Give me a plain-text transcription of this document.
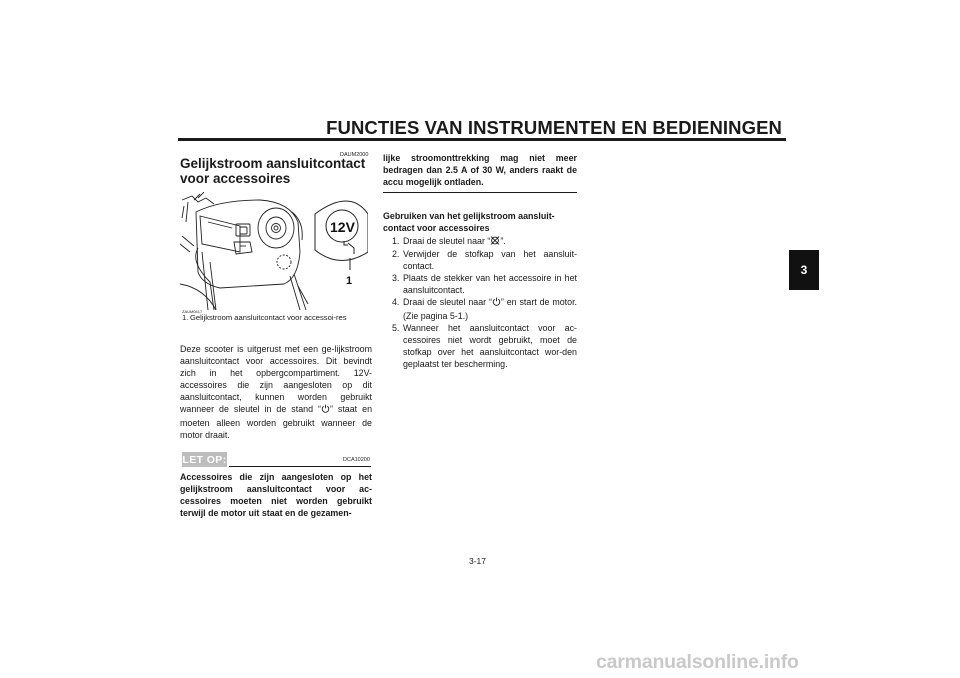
FUNCTIES VAN INSTRUMENTEN EN BEDIENINGEN
3
DAUM2000
Gelijkstroom aansluitcontact voor accessoires
12V
1
ZAUM0417
1. Gelijkstroom aansluitcontact voor accessoi-res
Deze scooter is uitgerust met een ge-lijkstroom aansluitcontact voor accessoires. Dit bevindt zich in het opbergcompartiment. 12V-accessoires die zijn aangesloten op dit aansluitcontact, kunnen worden gebruikt wanneer de sleutel in de stand “ ” staat en moeten alleen worden gebruikt wanneer de motor draait.
LET OP:	DCA10200
Accessoires die zijn aangesloten op het gelijkstroom aansluitcontact voor ac-cessoires moeten niet worden gebruikt terwijl de motor uit staat en de gezamen-
lijke stroomonttrekking mag niet meer bedragen dan 2.5 A of 30 W, anders raakt de accu mogelijk ontladen.
Gebruiken van het gelijkstroom aansluit-contact voor accessoires
1. Draai de sleutel naar “ ”.
2. Verwijder de stofkap van het aansluit-contact.
3. Plaats de stekker van het accessoire in het aansluitcontact.
4. Draai de sleutel naar “ ” en start de motor. (Zie pagina 5-1.)
5. Wanneer het aansluitcontact voor ac-cessoires niet wordt gebruikt, moet de stofkap over het aansluitcontact wor-den geplaatst ter bescherming.
3-17
carmanualsonline.info
